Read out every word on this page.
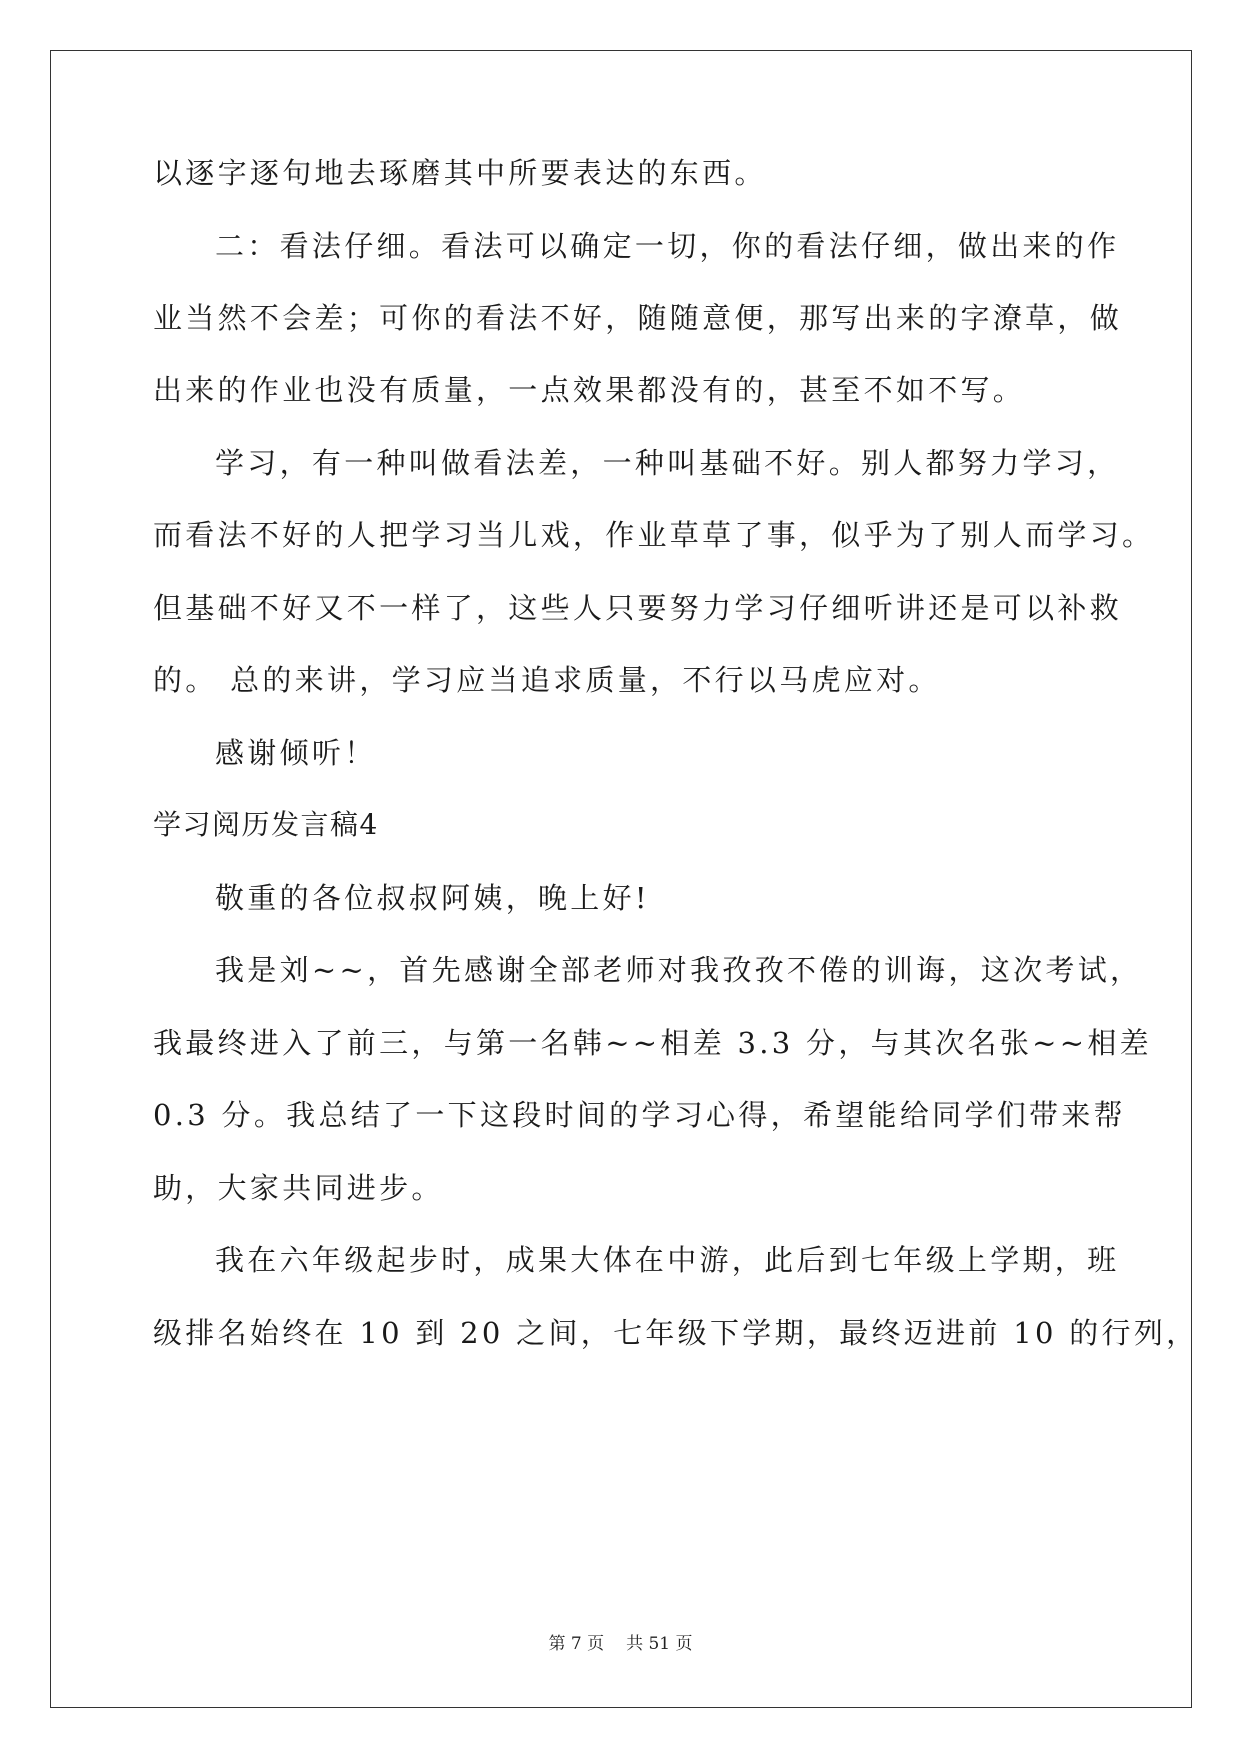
以逐字逐句地去琢磨其中所要表达的东西。
二：看法仔细。看法可以确定一切，你的看法仔细，做出来的作
业当然不会差；可你的看法不好，随随意便，那写出来的字潦草，做
出来的作业也没有质量，一点效果都没有的，甚至不如不写。
学习，有一种叫做看法差，一种叫基础不好。别人都努力学习，
而看法不好的人把学习当儿戏，作业草草了事，似乎为了别人而学习。
但基础不好又不一样了，这些人只要努力学习仔细听讲还是可以补救
的。 总的来讲，学习应当追求质量，不行以马虎应对。
感谢倾听！
学习阅历发言稿4
敬重的各位叔叔阿姨，晚上好!
我是刘~~，首先感谢全部老师对我孜孜不倦的训诲，这次考试，
我最终进入了前三，与第一名韩~~相差 3.3 分，与其次名张~~相差
0.3 分。我总结了一下这段时间的学习心得，希望能给同学们带来帮
助，大家共同进步。
我在六年级起步时，成果大体在中游，此后到七年级上学期，班
级排名始终在 10 到 20 之间，七年级下学期，最终迈进前 10 的行列，
第 7 页 共 51 页
